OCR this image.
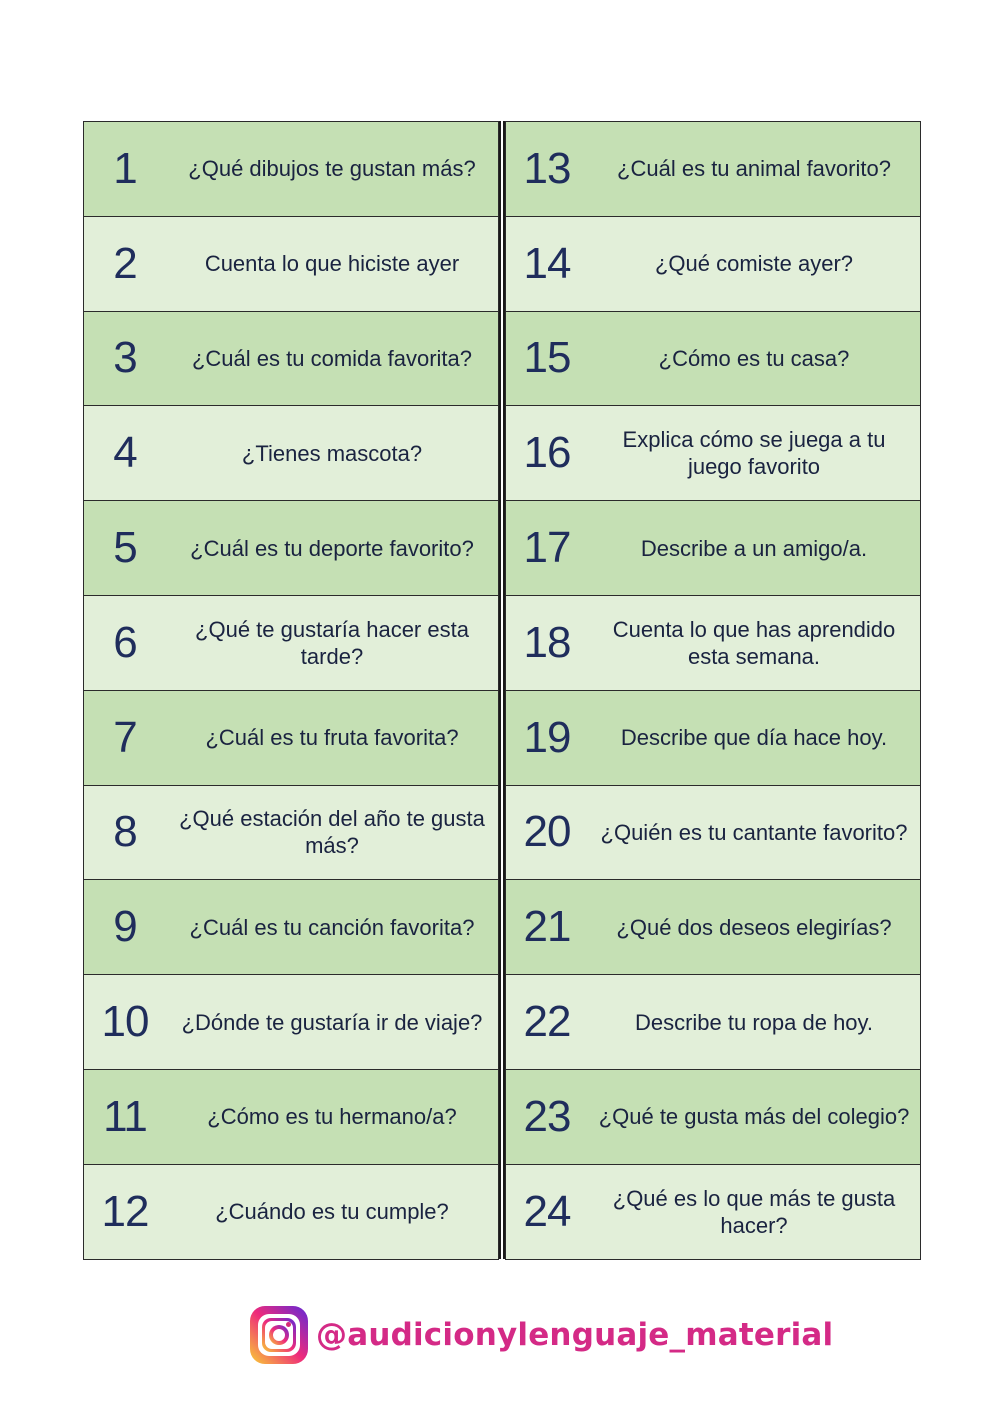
1	¿Qué dibujos te gustan más?
2	Cuenta lo que hiciste ayer
3	¿Cuál es tu comida favorita?
4	¿Tienes mascota?
5	¿Cuál es tu deporte favorito?
6	¿Qué te gustaría hacer esta tarde?
7	¿Cuál es tu fruta favorita?
8	¿Qué estación del año te gusta más?
9	¿Cuál es tu canción favorita?
10	¿Dónde te gustaría ir de viaje?
11	¿Cómo es tu hermano/a?
12	¿Cuándo es tu cumple?
13	¿Cuál es tu animal favorito?
14	¿Qué comiste ayer?
15	¿Cómo es tu casa?
16	Explica cómo se juega a tu juego favorito
17	Describe a un amigo/a.
18	Cuenta lo que has aprendido esta semana.
19	Describe que día hace hoy.
20	¿Quién es tu cantante favorito?
21	¿Qué dos deseos elegirías?
22	Describe tu ropa de hoy.
23	¿Qué te gusta más del colegio?
24	¿Qué es lo que más te gusta hacer?
@audicionylenguaje_material
